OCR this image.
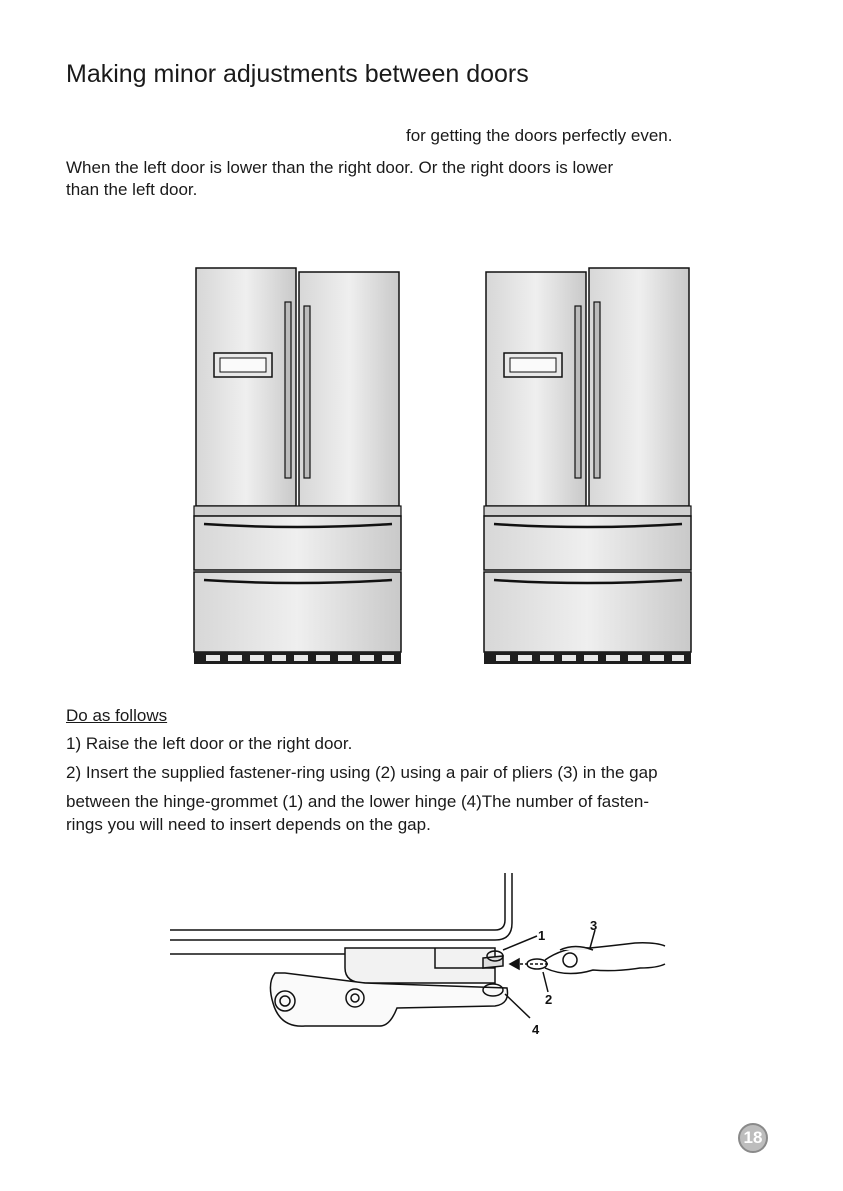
Making minor adjustments between doors
for getting the doors perfectly even.
When the left door is lower than the right door. Or the right doors is lower
than the left door.
Do as follows
1) Raise the left door or the right door.
2) Insert the supplied fastener-ring using (2) using a pair of pliers (3) in the gap
between the hinge-grommet (1) and the lower hinge (4)The number of fasten-
rings you will need to insert depends on the gap.
1
2
3
4
18
